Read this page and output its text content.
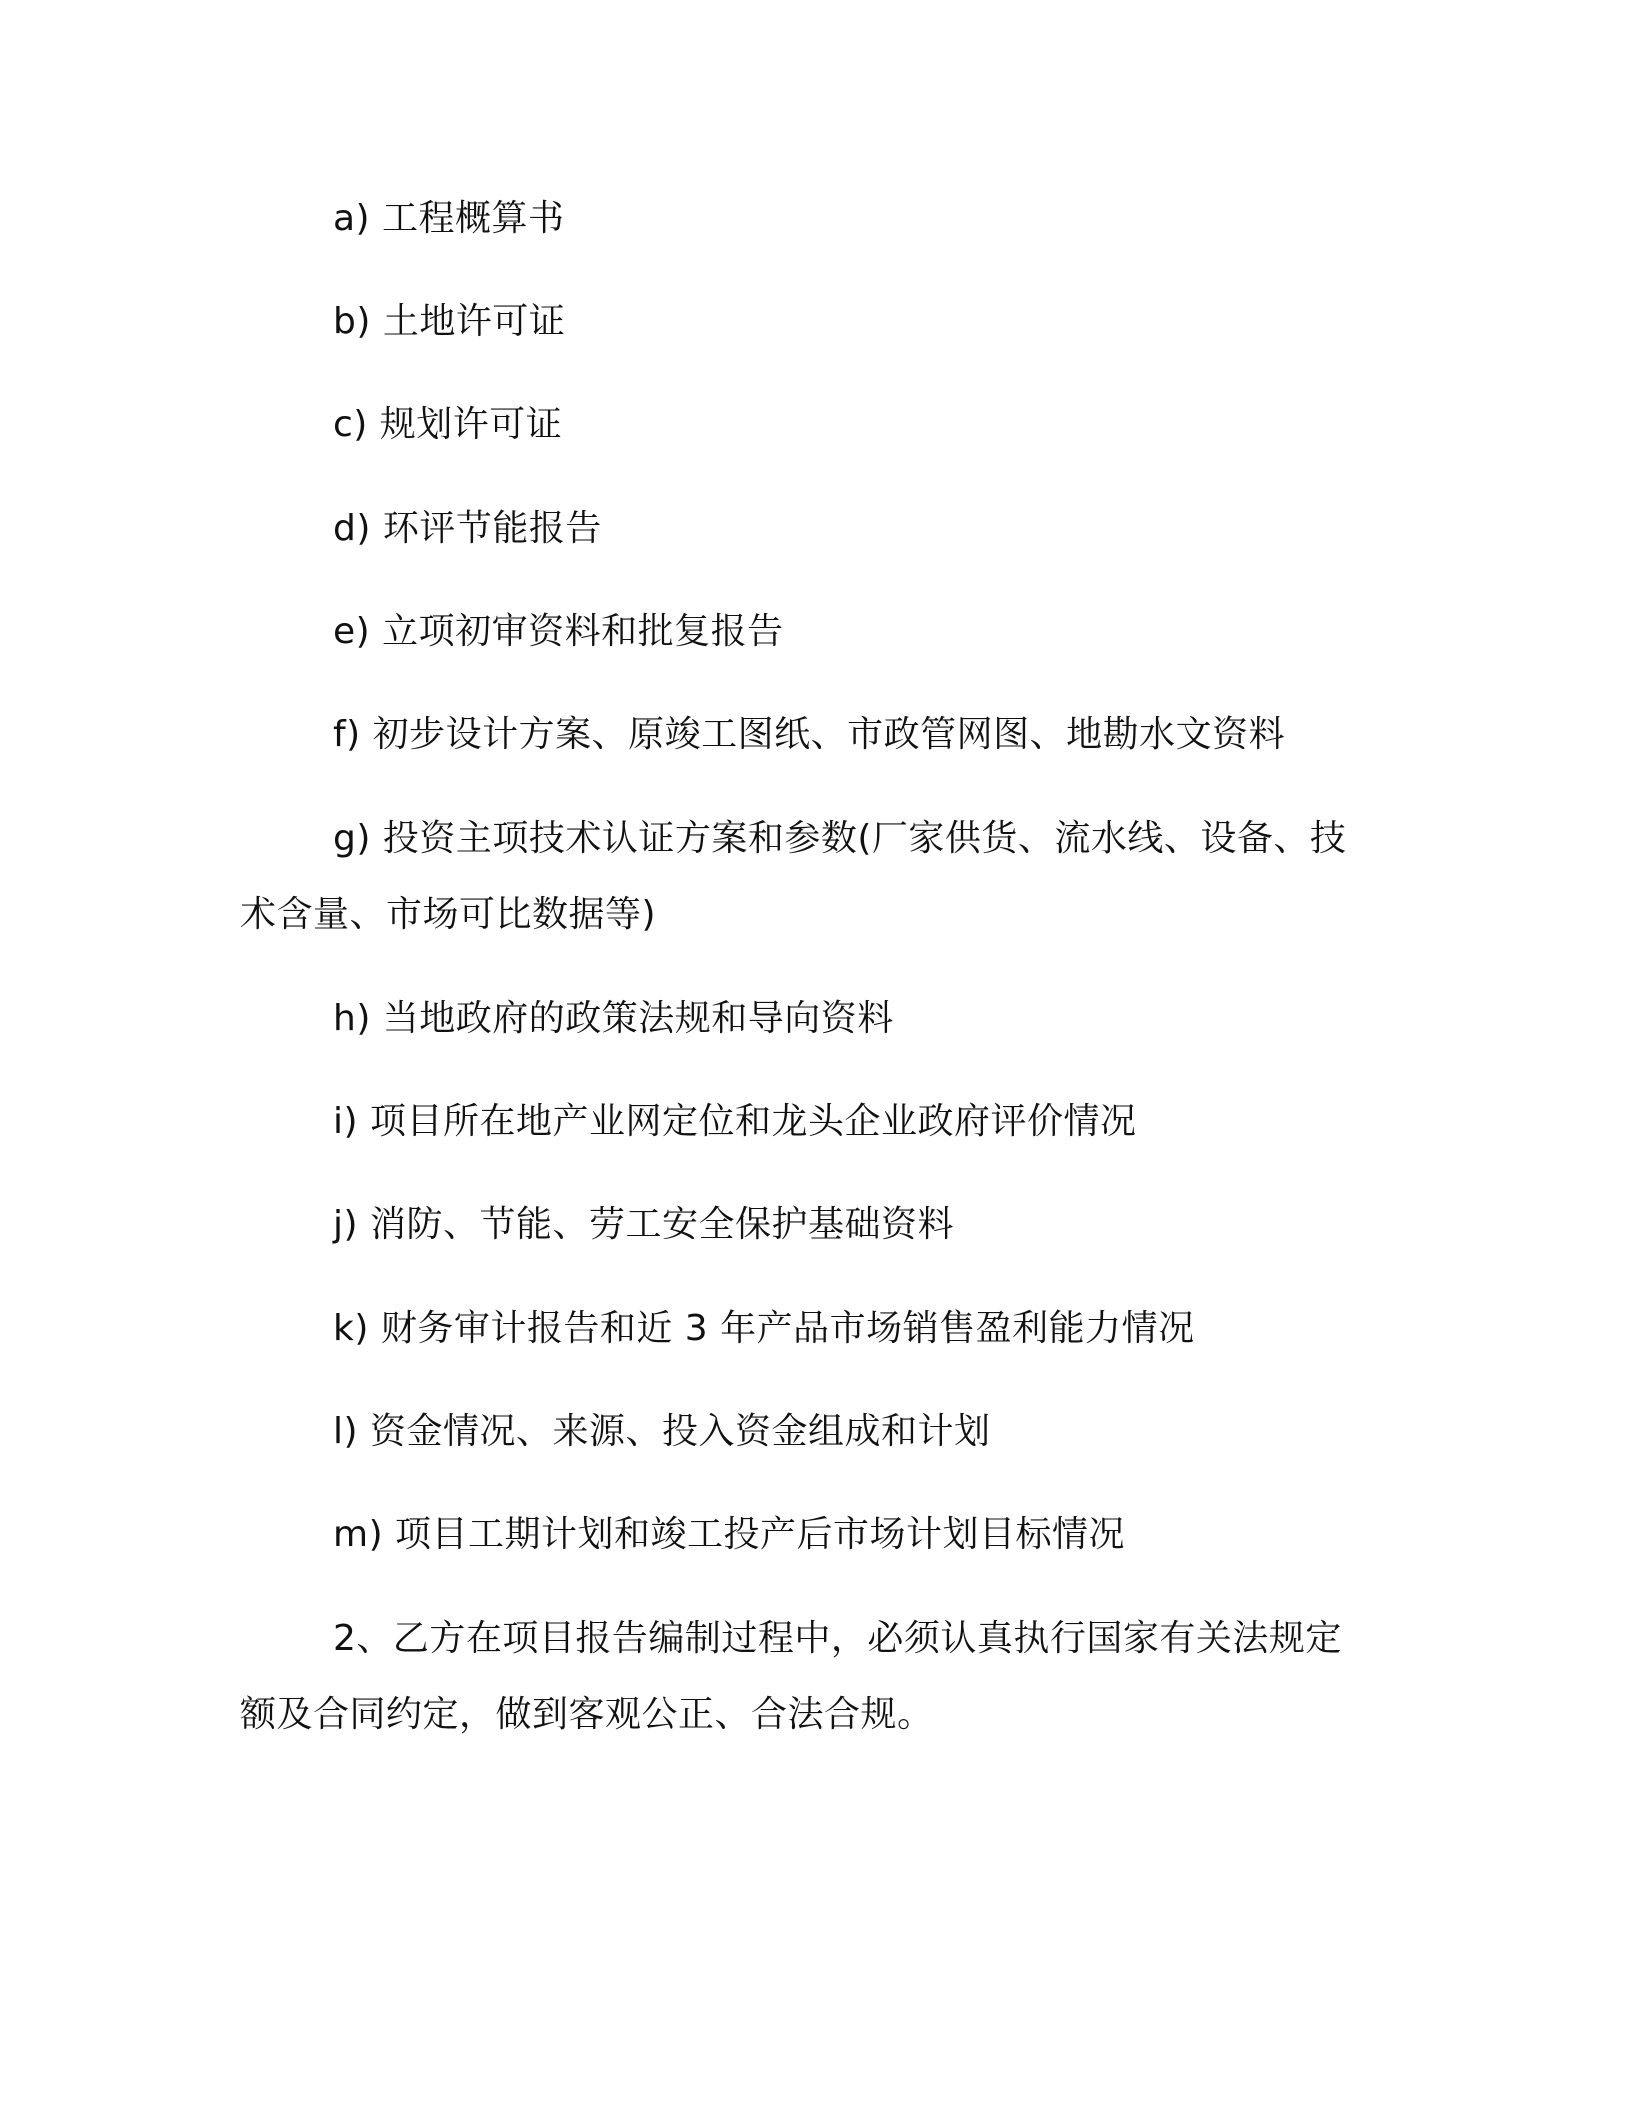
a) 工程概算书
b) 土地许可证
c) 规划许可证
d) 环评节能报告
e) 立项初审资料和批复报告
f) 初步设计方案、原竣工图纸、市政管网图、地勘水文资料
g) 投资主项技术认证方案和参数(厂家供货、流水线、设备、技
术含量、市场可比数据等)
h) 当地政府的政策法规和导向资料
i) 项目所在地产业网定位和龙头企业政府评价情况
j) 消防、节能、劳工安全保护基础资料
k) 财务审计报告和近 3 年产品市场销售盈利能力情况
l) 资金情况、来源、投入资金组成和计划
m) 项目工期计划和竣工投产后市场计划目标情况
2、乙方在项目报告编制过程中，必须认真执行国家有关法规定
额及合同约定，做到客观公正、合法合规。
